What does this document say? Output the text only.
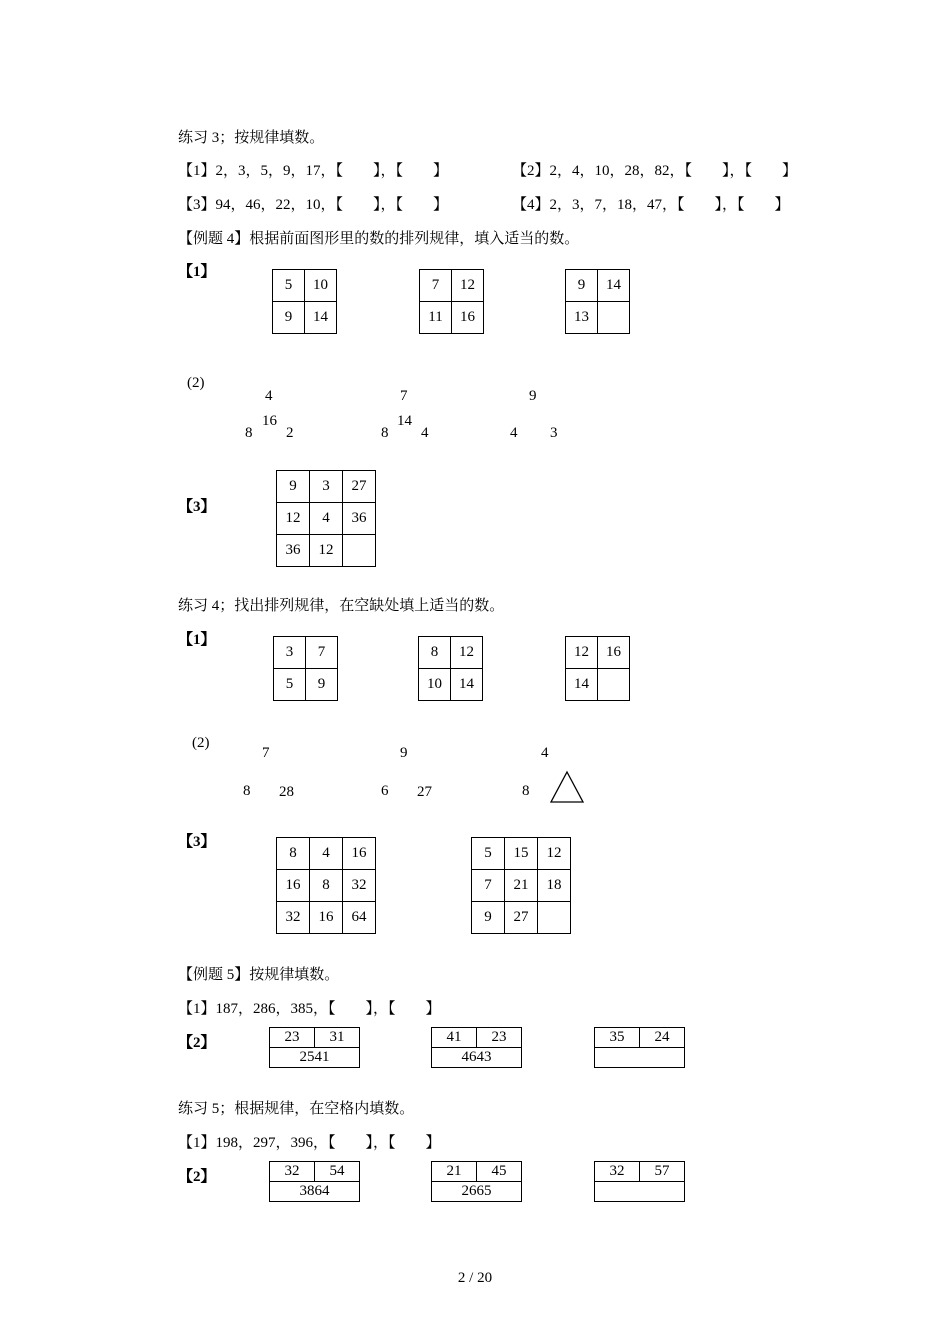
练习 3；按规律填数。
【1】2，3，5，9，17，【　　】，【　　】	【2】2，4，10，28，82，【　　】，【　　】
【3】94，46，22，10，【　　】，【　　】	【4】2，3，7，18，47，【　　】，【　　】
【例题 4】根据前面图形里的数的排列规律，填入适当的数。
【1】
5	10
9	14
7	12
11	16
9	14
13	
(2)
4
8
16
2
7
8
14
4
9
4 3
【3】
9	3	27
12	4	36
36	12	
练习 4；找出排列规律，在空缺处填上适当的数。
【1】
3	7
5	9
8	12
10	14
12	16
14	
(2)
7
8 28
9
6 27
4
8
【3】
8	4	16
16	8	32
32	16	64
5	15	12
7	21	18
9	27	
【例题 5】按规律填数。
【1】187，286，385，【　　】，【　　】
【2】	23	31
2541
41	23
4643
35	24

练习 5；根据规律，在空格内填数。
【1】198，297，396，【　　】，【　　】
【2】	32	54
3864
21	45
2665
32	57

2 / 20
